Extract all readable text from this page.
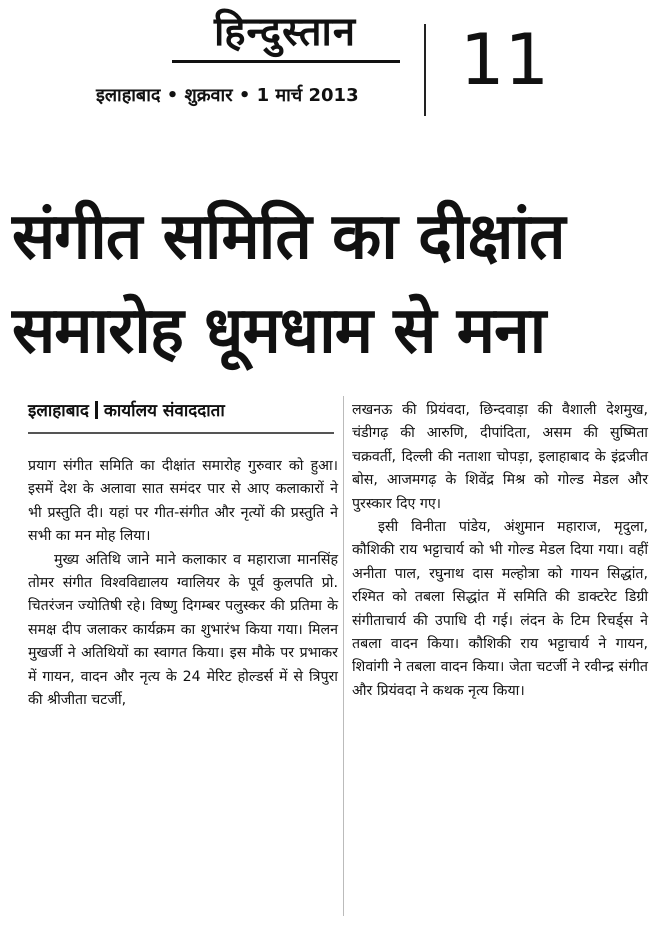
हिन्दुस्तान
इलाहाबाद • शुक्रवार • 1 मार्च 2013	11
संगीत समिति का दीक्षांत
समारोह धूमधाम से मना
इलाहाबाद कार्यालय संवाददाता

प्रयाग संगीत समिति का दीक्षांत समारोह गुरुवार को हुआ। इसमें देश के अलावा सात समंदर पार से आए कलाकारों ने भी प्रस्तुति दी। यहां पर गीत-संगीत और नृत्यों की प्रस्तुति ने सभी का मन मोह लिया।

मुख्य अतिथि जाने माने कलाकार व महाराजा मानसिंह तोमर संगीत विश्वविद्यालय ग्वालियर के पूर्व कुलपति प्रो. चितरंजन ज्योतिषी रहे। विष्णु दिगम्बर पलुस्कर की प्रतिमा के समक्ष दीप जलाकर कार्यक्रम का शुभारंभ किया गया। मिलन मुखर्जी ने अतिथियों का स्वागत किया। इस मौके पर प्रभाकर में गायन, वादन और नृत्य के 24 मेरिट होल्डर्स में से त्रिपुरा की श्रीजीता चटर्जी,

लखनऊ की प्रियंवदा, छिन्दवाड़ा की वैशाली देशमुख, चंडीगढ़ की आरुणि, दीपांदिता, असम की सुष्मिता चक्रवर्ती, दिल्ली की नताशा चोपड़ा, इलाहाबाद के इंद्रजीत बोस, आजमगढ़ के शिवेंद्र मिश्र को गोल्ड मेडल और पुरस्कार दिए गए।

इसी विनीता पांडेय, अंशुमान महाराज, मृदुला, कौशिकी राय भट्टाचार्य को भी गोल्ड मेडल दिया गया। वहीं अनीता पाल, रघुनाथ दास मल्होत्रा को गायन सिद्धांत, रश्मित को तबला सिद्धांत में समिति की डाक्टरेट डिग्री संगीताचार्य की उपाधि दी गई। लंदन के टिम रिचर्ड्स ने तबला वादन किया। कौशिकी राय भट्टाचार्य ने गायन, शिवांगी ने तबला वादन किया। जेता चटर्जी ने रवीन्द्र संगीत और प्रियंवदा ने कथक नृत्य किया।
